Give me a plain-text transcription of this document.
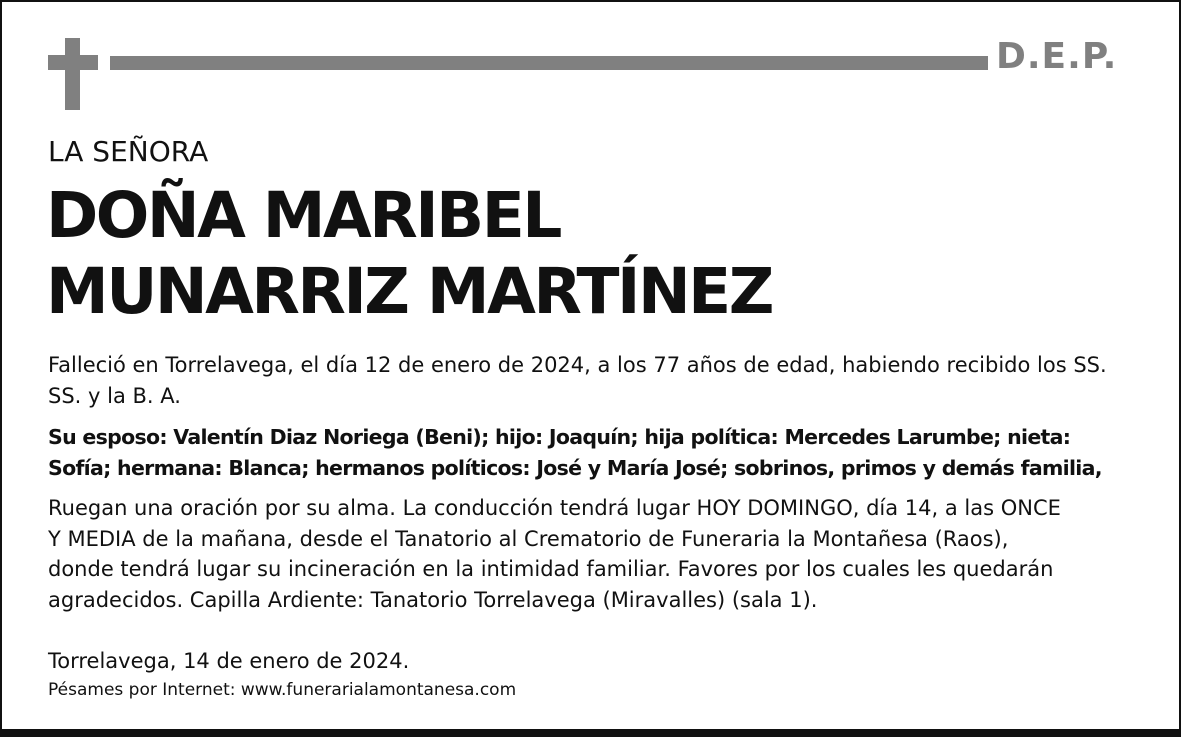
D.E.P.
LA SEÑORA
DOÑA MARIBEL
MUNARRIZ MARTÍNEZ
Falleció en Torrelavega, el día 12 de enero de 2024, a los 77 años de edad, habiendo recibido los SS. SS. y la B. A.
Su esposo: Valentín Diaz Noriega (Beni); hijo: Joaquín; hija política: Mercedes Larumbe; nieta: Sofía; hermana: Blanca; hermanos políticos: José y María José; sobrinos, primos y demás familia,
Ruegan una oración por su alma. La conducción tendrá lugar HOY DOMINGO, día 14, a las ONCE Y MEDIA de la mañana, desde el Tanatorio al Crematorio de Funeraria la Montañesa (Raos), donde tendrá lugar su incineración en la intimidad familiar. Favores por los cuales les quedarán agradecidos. Capilla Ardiente: Tanatorio Torrelavega (Miravalles) (sala 1).
Torrelavega, 14 de enero de 2024.
Pésames por Internet: www.funerarialamontanesa.com
